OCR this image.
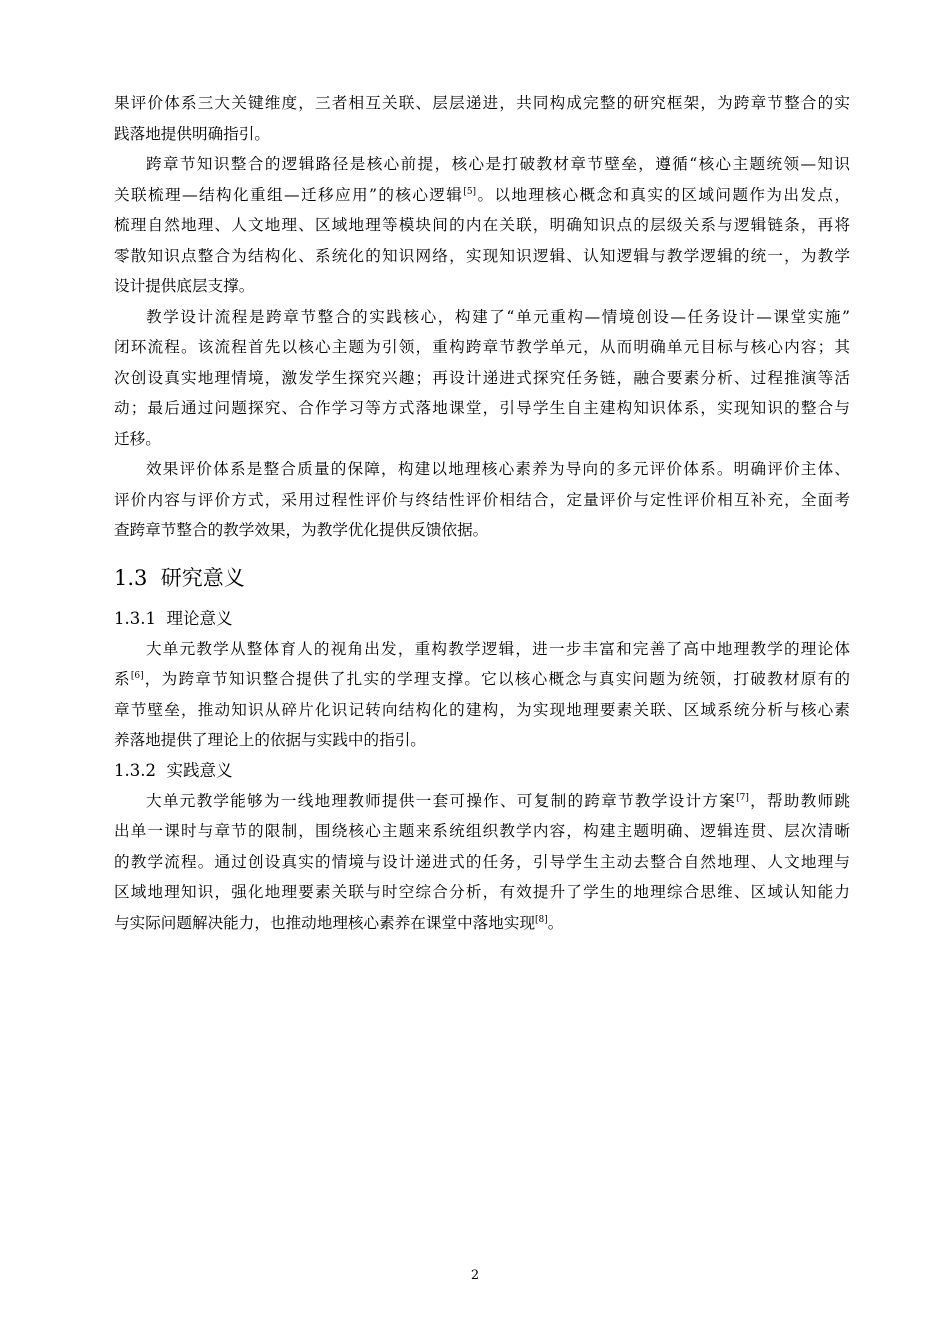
果评价体系三大关键维度，三者相互关联、层层递进，共同构成完整的研究框架，为跨章节整合的实
践落地提供明确指引。
跨章节知识整合的逻辑路径是核心前提，核心是打破教材章节壁垒，遵循“核心主题统领—知识
关联梳理—结构化重组—迁移应用”的核心逻辑[5]。以地理核心概念和真实的区域问题作为出发点，
梳理自然地理、人文地理、区域地理等模块间的内在关联，明确知识点的层级关系与逻辑链条，再将
零散知识点整合为结构化、系统化的知识网络，实现知识逻辑、认知逻辑与教学逻辑的统一，为教学
设计提供底层支撑。
教学设计流程是跨章节整合的实践核心，构建了“单元重构—情境创设—任务设计—课堂实施”
闭环流程。该流程首先以核心主题为引领，重构跨章节教学单元，从而明确单元目标与核心内容；其
次创设真实地理情境，激发学生探究兴趣；再设计递进式探究任务链，融合要素分析、过程推演等活
动；最后通过问题探究、合作学习等方式落地课堂，引导学生自主建构知识体系，实现知识的整合与
迁移。
效果评价体系是整合质量的保障，构建以地理核心素养为导向的多元评价体系。明确评价主体、
评价内容与评价方式，采用过程性评价与终结性评价相结合，定量评价与定性评价相互补充，全面考
查跨章节整合的教学效果，为教学优化提供反馈依据。
1.3 研究意义
1.3.1 理论意义
大单元教学从整体育人的视角出发，重构教学逻辑，进一步丰富和完善了高中地理教学的理论体
系[6]，为跨章节知识整合提供了扎实的学理支撑。它以核心概念与真实问题为统领，打破教材原有的
章节壁垒，推动知识从碎片化识记转向结构化的建构，为实现地理要素关联、区域系统分析与核心素
养落地提供了理论上的依据与实践中的指引。
1.3.2 实践意义
大单元教学能够为一线地理教师提供一套可操作、可复制的跨章节教学设计方案[7]，帮助教师跳
出单一课时与章节的限制，围绕核心主题来系统组织教学内容，构建主题明确、逻辑连贯、层次清晰
的教学流程。通过创设真实的情境与设计递进式的任务，引导学生主动去整合自然地理、人文地理与
区域地理知识，强化地理要素关联与时空综合分析，有效提升了学生的地理综合思维、区域认知能力
与实际问题解决能力，也推动地理核心素养在课堂中落地实现[8]。
2
